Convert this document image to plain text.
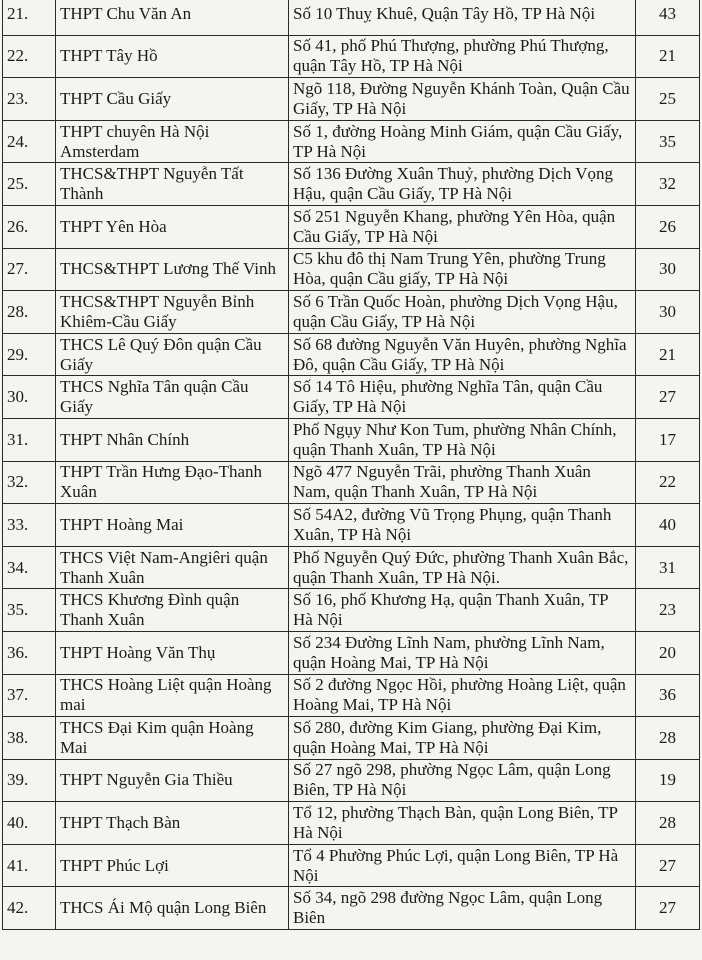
21.	THPT Chu Văn An	Số 10 Thuỵ Khuê, Quận Tây Hồ, TP Hà Nội	43
22.	THPT Tây Hồ	Số 41, phố Phú Thượng, phường Phú Thượng, quận Tây Hồ, TP Hà Nội	21
23.	THPT Cầu Giấy	Ngõ 118, Đường Nguyễn Khánh Toàn, Quận Cầu Giấy, TP Hà Nội	25
24.	THPT chuyên Hà Nội Amsterdam	Số 1, đường Hoàng Minh Giám, quận Cầu Giấy, TP Hà Nội	35
25.	THCS&THPT Nguyễn Tất Thành	Số 136 Đường Xuân Thuỷ, phường Dịch Vọng Hậu, quận Cầu Giấy, TP Hà Nội	32
26.	THPT Yên Hòa	Số 251 Nguyễn Khang, phường Yên Hòa, quận Cầu Giấy, TP Hà Nội	26
27.	THCS&THPT Lương Thế Vinh	C5 khu đô thị Nam Trung Yên, phường Trung Hòa, quận Cầu giấy, TP Hà Nội	30
28.	THCS&THPT Nguyễn Bỉnh Khiêm-Cầu Giấy	Số 6 Trần Quốc Hoàn, phường Dịch Vọng Hậu, quận Cầu Giấy, TP Hà Nội	30
29.	THCS Lê Quý Đôn quận Cầu Giấy	Số 68 đường Nguyễn Văn Huyên, phường Nghĩa Đô, quận Cầu Giấy, TP Hà Nội	21
30.	THCS Nghĩa Tân quận Cầu Giấy	Số 14 Tô Hiệu, phường Nghĩa Tân, quận Cầu Giấy, TP Hà Nội	27
31.	THPT Nhân Chính	Phố Ngụy Như Kon Tum, phường Nhân Chính, quận Thanh Xuân, TP Hà Nội	17
32.	THPT Trần Hưng Đạo-Thanh Xuân	Ngõ 477 Nguyễn Trãi, phường Thanh Xuân Nam, quận Thanh Xuân, TP Hà Nội	22
33.	THPT Hoàng Mai	Số 54A2, đường Vũ Trọng Phụng, quận Thanh Xuân, TP Hà Nội	40
34.	THCS Việt Nam-Angiêri quận Thanh Xuân	Phố Nguyễn Quý Đức, phường Thanh Xuân Bắc, quận Thanh Xuân, TP Hà Nội.	31
35.	THCS Khương Đình quận Thanh Xuân	Số 16, phố Khương Hạ, quận Thanh Xuân, TP Hà Nội	23
36.	THPT Hoàng Văn Thụ	Số 234 Đường Lĩnh Nam, phường Lĩnh Nam, quận Hoàng Mai, TP Hà Nội	20
37.	THCS Hoàng Liệt quận Hoàng mai	Số 2 đường Ngọc Hồi, phường Hoàng Liệt, quận Hoàng Mai, TP Hà Nội	36
38.	THCS Đại Kim quận Hoàng Mai	Số 280, đường Kim Giang, phường Đại Kim, quận Hoàng Mai, TP Hà Nội	28
39.	THPT Nguyễn Gia Thiều	Số 27 ngõ 298, phường Ngọc Lâm, quận Long Biên, TP Hà Nội	19
40.	THPT Thạch Bàn	Tổ 12, phường Thạch Bàn, quận Long Biên, TP Hà Nội	28
41.	THPT Phúc Lợi	Tổ 4 Phường Phúc Lợi, quận Long Biên, TP Hà Nội	27
42.	THCS Ái Mộ quận Long Biên	Số 34, ngõ 298 đường Ngọc Lâm, quận Long Biên	27
